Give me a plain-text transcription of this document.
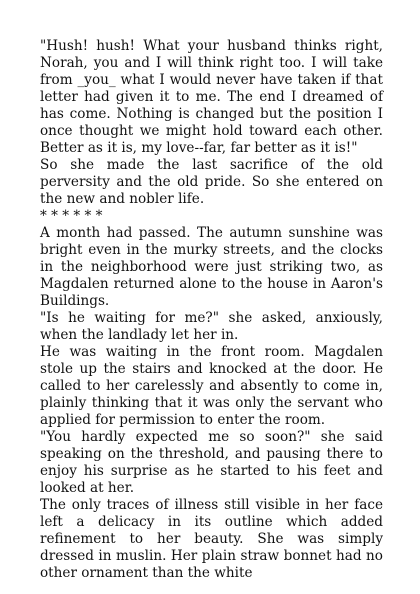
"Hush! hush! What your husband thinks right, Norah, you and I will think right too. I will take from _you_ what I would never have taken if that letter had given it to me. The end I dreamed of has come. Nothing is changed but the position I once thought we might hold toward each other. Better as it is, my love--far, far better as it is!"

So she made the last sacrifice of the old perversity and the old pride. So she entered on the new and nobler life.

* * * * * *

A month had passed. The autumn sunshine was bright even in the murky streets, and the clocks in the neighborhood were just striking two, as Magdalen returned alone to the house in Aaron's Buildings.

"Is he waiting for me?" she asked, anxiously, when the landlady let her in.

He was waiting in the front room. Magdalen stole up the stairs and knocked at the door. He called to her carelessly and absently to come in, plainly thinking that it was only the servant who applied for permission to enter the room.

"You hardly expected me so soon?" she said speaking on the threshold, and pausing there to enjoy his surprise as he started to his feet and looked at her.

The only traces of illness still visible in her face left a delicacy in its outline which added refinement to her beauty. She was simply dressed in muslin. Her plain straw bonnet had no other ornament than the white
